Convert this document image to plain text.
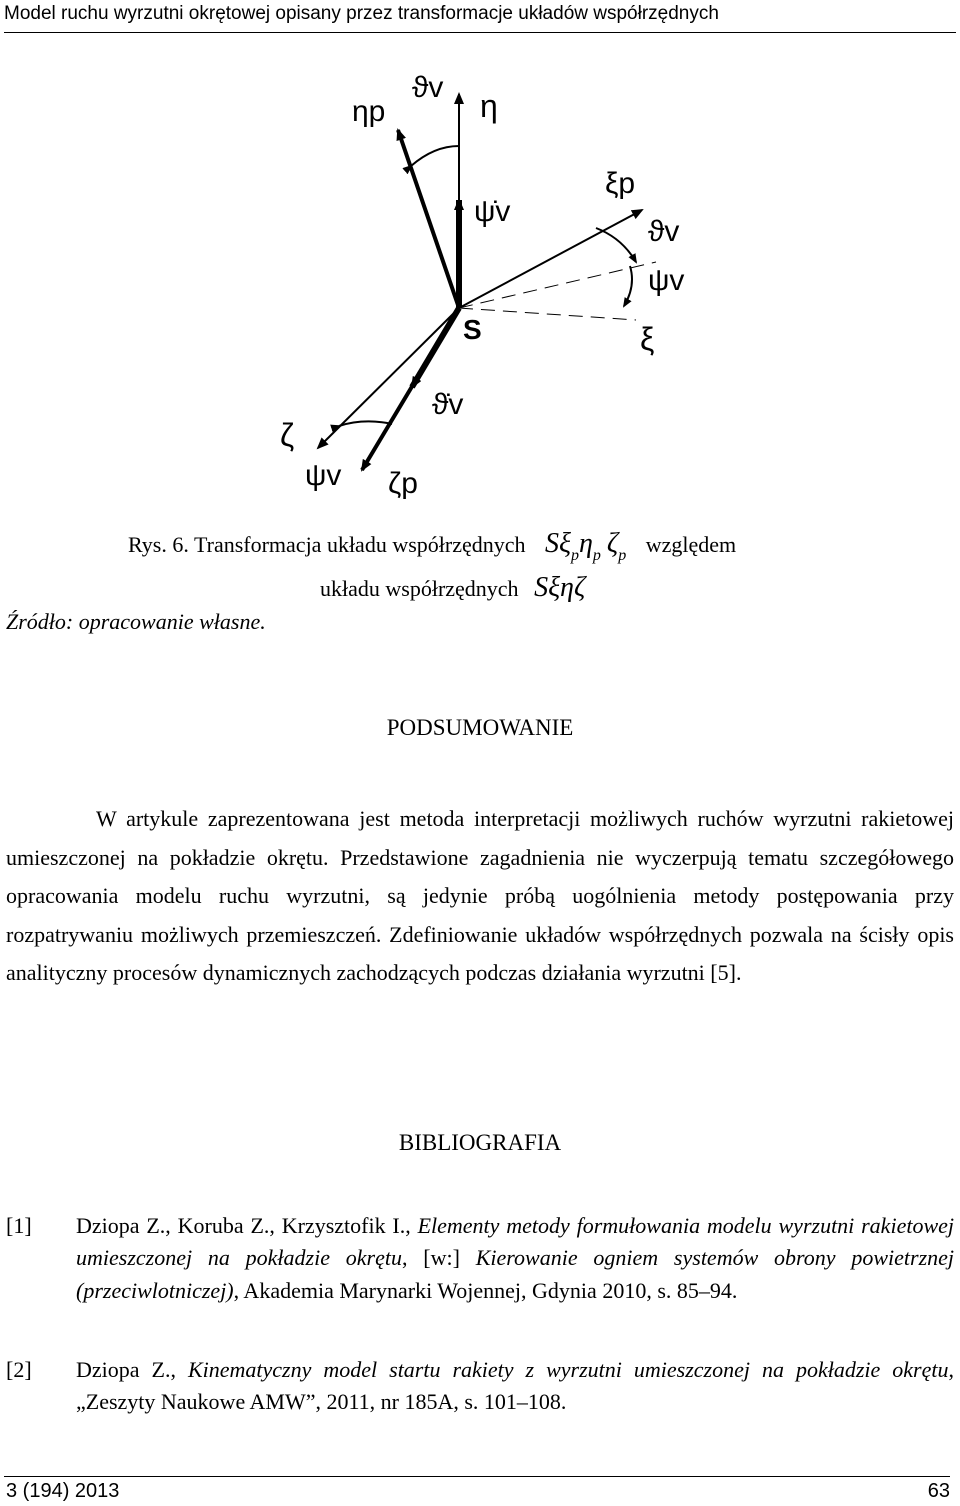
Model ruchu wyrzutni okrętowej opisany przez transformacje układów współrzędnych
ηp
ϑv
η
ξp
ψ̇v
ϑv
ψv
S	ξ
ϑ̇v
ζ
ψv ζp
Rys. 6. Transformacja układu współrzędnych $S\xi_p\eta_p$ $\zeta_p$ względem
układu współrzędnych Sξηζ
Źródło: opracowanie własne.
PODSUMOWANIE
W artykule zaprezentowana jest metoda interpretacji możliwych ruchów wyrzutni rakietowej umieszczonej na pokładzie okrętu. Przedstawione zagadnienia nie wyczerpują tematu szczegółowego opracowania modelu ruchu wyrzutni, są jedynie próbą uogólnienia metody postępowania przy rozpatrywaniu możliwych przemieszczeń. Zdefiniowanie układów współrzędnych pozwala na ścisły opis analityczny procesów dynamicznych zachodzących podczas działania wyrzutni [5].
BIBLIOGRAFIA
[1] Dziopa Z., Koruba Z., Krzysztofik I., Elementy metody formułowania modelu wyrzutni rakietowej umieszczonej na pokładzie okrętu, [w:] Kierowanie ogniem systemów obrony powietrznej (przeciwlotniczej), Akademia Marynarki Wojennej, Gdynia 2010, s. 85–94.
[2] Dziopa Z., Kinematyczny model startu rakiety z wyrzutni umieszczonej na pokładzie okrętu, „Zeszyty Naukowe AMW”, 2011, nr 185A, s. 101–108.
3 (194) 2013	63
